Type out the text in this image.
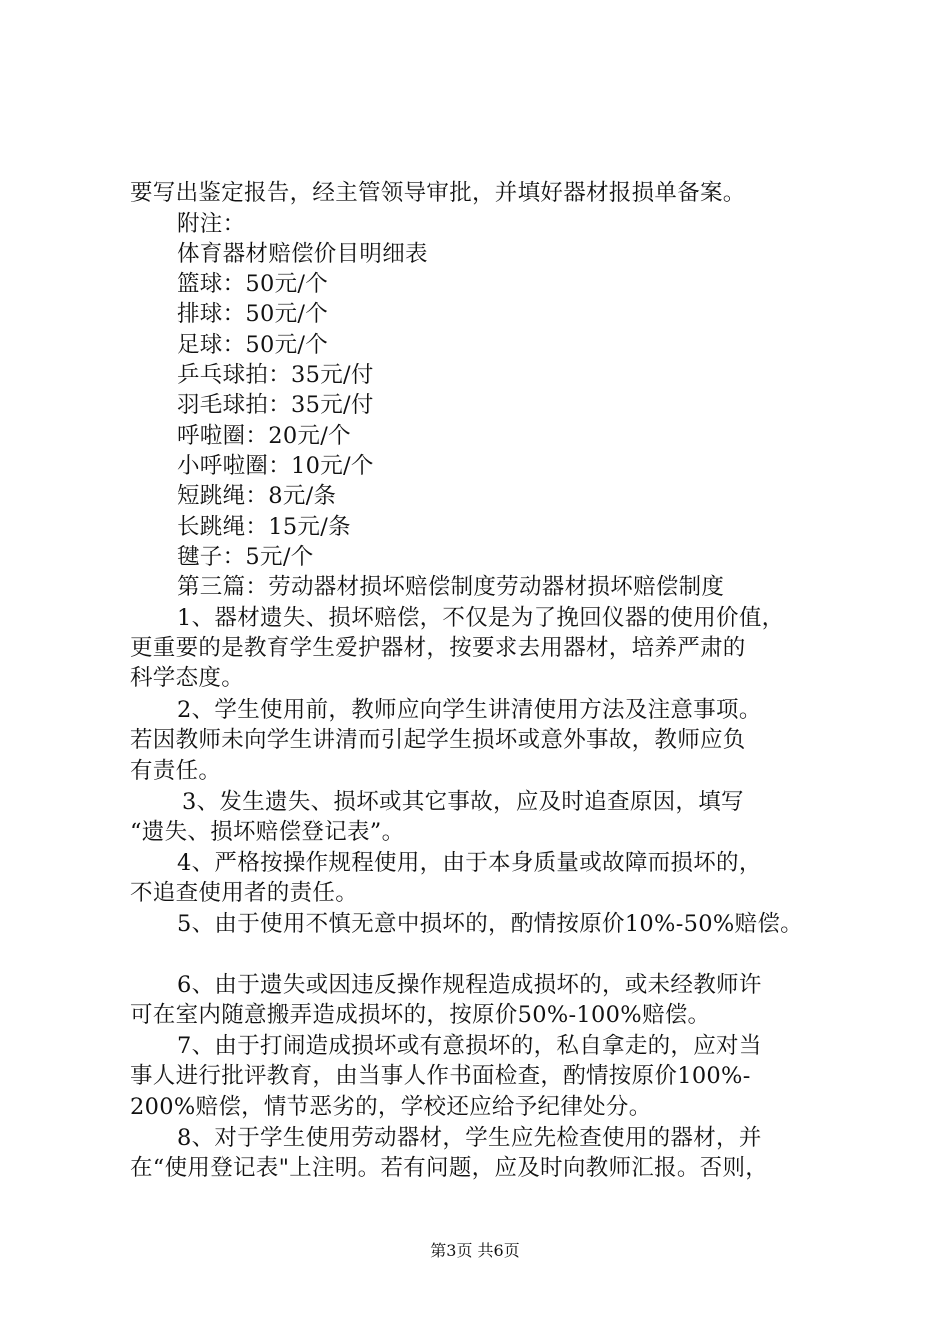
要写出鉴定报告，经主管领导审批，并填好器材报损单备案。
附注：
体育器材赔偿价目明细表
篮球：50元/个
排球：50元/个
足球：50元/个
乒乓球拍：35元/付
羽毛球拍：35元/付
呼啦圈：20元/个
小呼啦圈：10元/个
短跳绳：8元/条
长跳绳：15元/条
毽子：5元/个
第三篇：劳动器材损坏赔偿制度劳动器材损坏赔偿制度
1、器材遗失、损坏赔偿，不仅是为了挽回仪器的使用价值，
更重要的是教育学生爱护器材，按要求去用器材，培养严肃的
科学态度。
2、学生使用前，教师应向学生讲清使用方法及注意事项。
若因教师未向学生讲清而引起学生损坏或意外事故，教师应负
有责任。
3、发生遗失、损坏或其它事故，应及时追查原因，填写
“遗失、损坏赔偿登记表”。
4、严格按操作规程使用，由于本身质量或故障而损坏的，
不追查使用者的责任。
5、由于使用不慎无意中损坏的，酌情按原价10%-50%赔偿。
6、由于遗失或因违反操作规程造成损坏的，或未经教师许
可在室内随意搬弄造成损坏的，按原价50%-100%赔偿。
7、由于打闹造成损坏或有意损坏的，私自拿走的，应对当
事人进行批评教育，由当事人作书面检查，酌情按原价100%-
200%赔偿，情节恶劣的，学校还应给予纪律处分。
8、对于学生使用劳动器材，学生应先检查使用的器材，并
在“使用登记表"上注明。若有问题，应及时向教师汇报。否则，
第3页 共6页
